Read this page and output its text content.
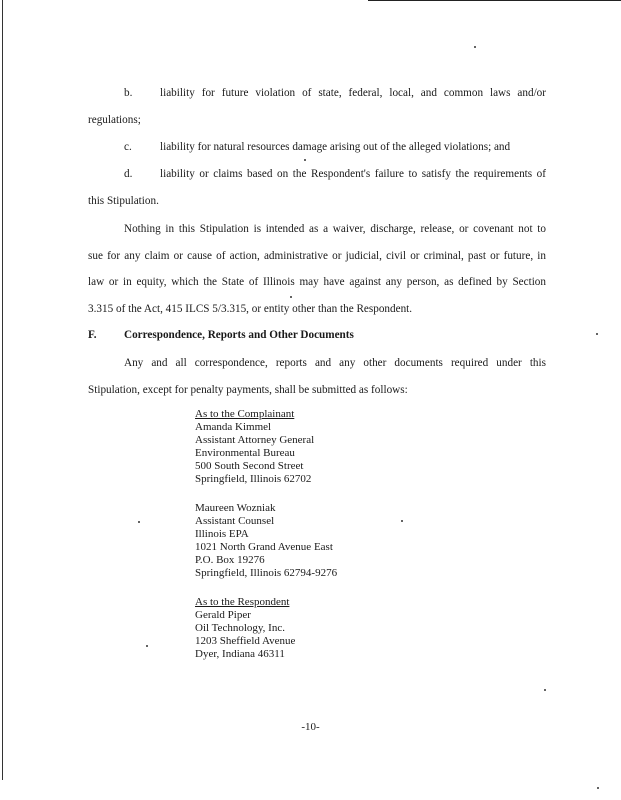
b. liability for future violation of state, federal, local, and common laws and/or
regulations;
c.	liability for natural resources damage arising out of the alleged violations; and
d. liability or claims based on the Respondent's failure to satisfy the requirements of
this Stipulation.
Nothing in this Stipulation is intended as a waiver, discharge, release, or covenant not to
sue for any claim or cause of action, administrative or judicial, civil or criminal, past or future, in
law or in equity, which the State of Illinois may have against any person, as defined by Section
3.315 of the Act, 415 ILCS 5/3.315, or entity other than the Respondent.
F. Correspondence, Reports and Other Documents
Any and all correspondence, reports and any other documents required under this
Stipulation, except for penalty payments, shall be submitted as follows:
As to the Complainant
Amanda Kimmel
Assistant Attorney General
Environmental Bureau
500 South Second Street
Springfield, Illinois 62702
Maureen Wozniak
Assistant Counsel
Illinois EPA
1021 North Grand Avenue East
P.O. Box 19276
Springfield, Illinois 62794-9276
As to the Respondent
Gerald Piper
Oil Technology, Inc.
1203 Sheffield Avenue
Dyer, Indiana 46311
-10-
